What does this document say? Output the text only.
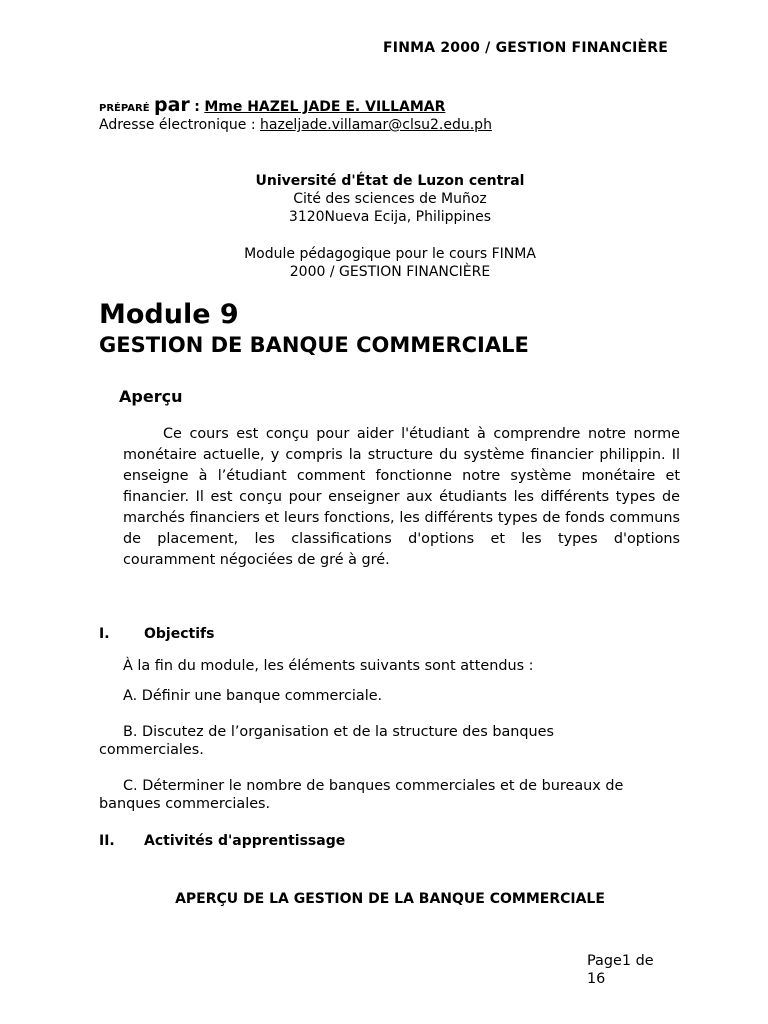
FINMA 2000 / GESTION FINANCIÈRE
PRÉPARÉ par : Mme HAZEL JADE E. VILLAMAR
Adresse électronique : hazeljade.villamar@clsu2.edu.ph
Université d'État de Luzon central
Cité des sciences de Muñoz
3120Nueva Ecija, Philippines
Module pédagogique pour le cours FINMA
2000 / GESTION FINANCIÈRE
Module 9
GESTION DE BANQUE COMMERCIALE
Aperçu

Ce cours est conçu pour aider l'étudiant à comprendre notre norme monétaire actuelle, y compris la structure du système financier philippin. Il enseigne à l’étudiant comment fonctionne notre système monétaire et financier. Il est conçu pour enseigner aux étudiants les différents types de marchés financiers et leurs fonctions, les différents types de fonds communs de placement, les classifications d'options et les types d'options couramment négociées de gré à gré.

I. Objectifs
À la fin du module, les éléments suivants sont attendus :
A. Définir une banque commerciale.
B. Discutez de l’organisation et de la structure des banques
commerciales.
C. Déterminer le nombre de banques commerciales et de bureaux de
banques commerciales.
II. Activités d'apprentissage
APERÇU DE LA GESTION DE LA BANQUE COMMERCIALE
Page1 de
16
